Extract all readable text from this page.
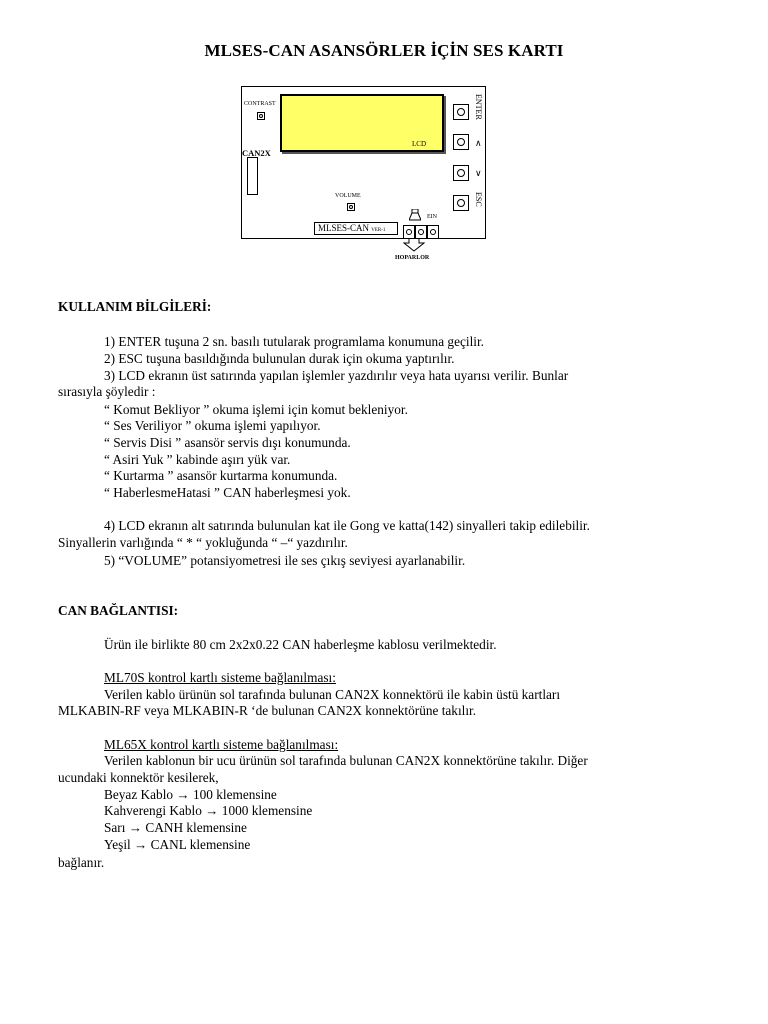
MLSES-CAN ASANSÖRLER İÇİN SES KARTI
CONTRAST
LCD
CAN2X
VOLUME
ENTER
∧
∨
ESC
EIN
MLSES-CAN VER-1
HOPARLOR
KULLANIM BİLGİLERİ:
1) ENTER tuşuna 2 sn. basılı tutularak programlama konumuna geçilir.
2) ESC tuşuna basıldığında bulunulan durak için okuma yaptırılır.
3) LCD ekranın üst satırında yapılan işlemler yazdırılır veya hata uyarısı verilir. Bunlar
sırasıyla şöyledir :
“ Komut Bekliyor ” okuma işlemi için komut bekleniyor.
“ Ses Veriliyor ” okuma işlemi yapılıyor.
“ Servis Disi ” asansör servis dışı konumunda.
“ Asiri Yuk ” kabinde aşırı yük var.
“ Kurtarma ” asansör kurtarma konumunda.
“ HaberlesmeHatasi ” CAN haberleşmesi yok.
4) LCD ekranın alt satırında bulunulan kat ile Gong ve katta(142) sinyalleri takip edilebilir.
Sinyallerin varlığında “ * “ yokluğunda “ –“ yazdırılır.
5) “VOLUME” potansiyometresi ile ses çıkış seviyesi ayarlanabilir.
CAN BAĞLANTISI:
Ürün ile birlikte 80 cm 2x2x0.22 CAN haberleşme kablosu verilmektedir.
ML70S kontrol kartlı sisteme bağlanılması:
Verilen kablo ürünün sol tarafında bulunan CAN2X konnektörü ile kabin üstü kartları
MLKABIN-RF veya MLKABIN-R ‘de bulunan CAN2X konnektörüne takılır.
ML65X kontrol kartlı sisteme bağlanılması:
Verilen kablonun bir ucu ürünün sol tarafında bulunan CAN2X konnektörüne takılır. Diğer
ucundaki konnektör kesilerek,
Beyaz Kablo → 100 klemensine
Kahverengi Kablo → 1000 klemensine
Sarı → CANH klemensine
Yeşil → CANL klemensine
bağlanır.
